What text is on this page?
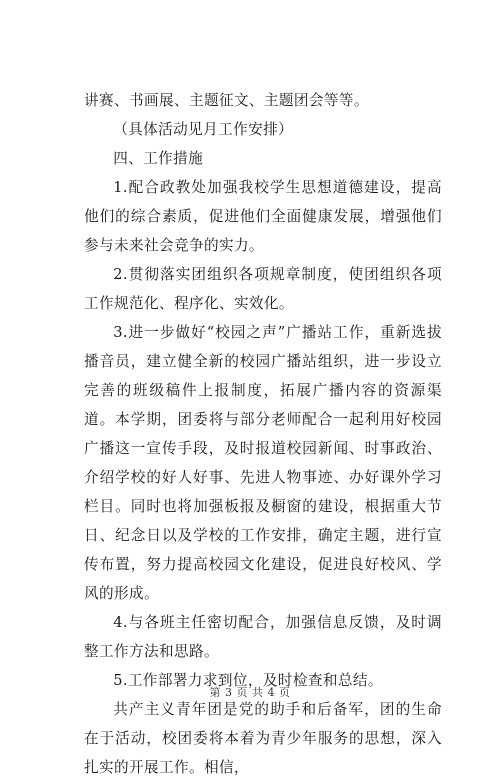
讲赛、书画展、主题征文、主题团会等等。

（具体活动见月工作安排）

四、工作措施

1.配合政教处加强我校学生思想道德建设，提高他们的综合素质，促进他们全面健康发展，增强他们参与未来社会竞争的实力。

2.贯彻落实团组织各项规章制度，使团组织各项工作规范化、程序化、实效化。

3.进一步做好“校园之声”广播站工作，重新选拔播音员，建立健全新的校园广播站组织，进一步设立完善的班级稿件上报制度，拓展广播内容的资源渠道。本学期，团委将与部分老师配合一起利用好校园广播这一宣传手段，及时报道校园新闻、时事政治、介绍学校的好人好事、先进人物事迹、办好课外学习栏目。同时也将加强板报及橱窗的建设，根据重大节日、纪念日以及学校的工作安排，确定主题，进行宣传布置，努力提高校园文化建设，促进良好校风、学风的形成。

4.与各班主任密切配合，加强信息反馈，及时调整工作方法和思路。

5.工作部署力求到位，及时检查和总结。

共产主义青年团是党的助手和后备军，团的生命在于活动，校团委将本着为青少年服务的思想，深入扎实的开展工作。相信，

第 3 页 共 4 页
